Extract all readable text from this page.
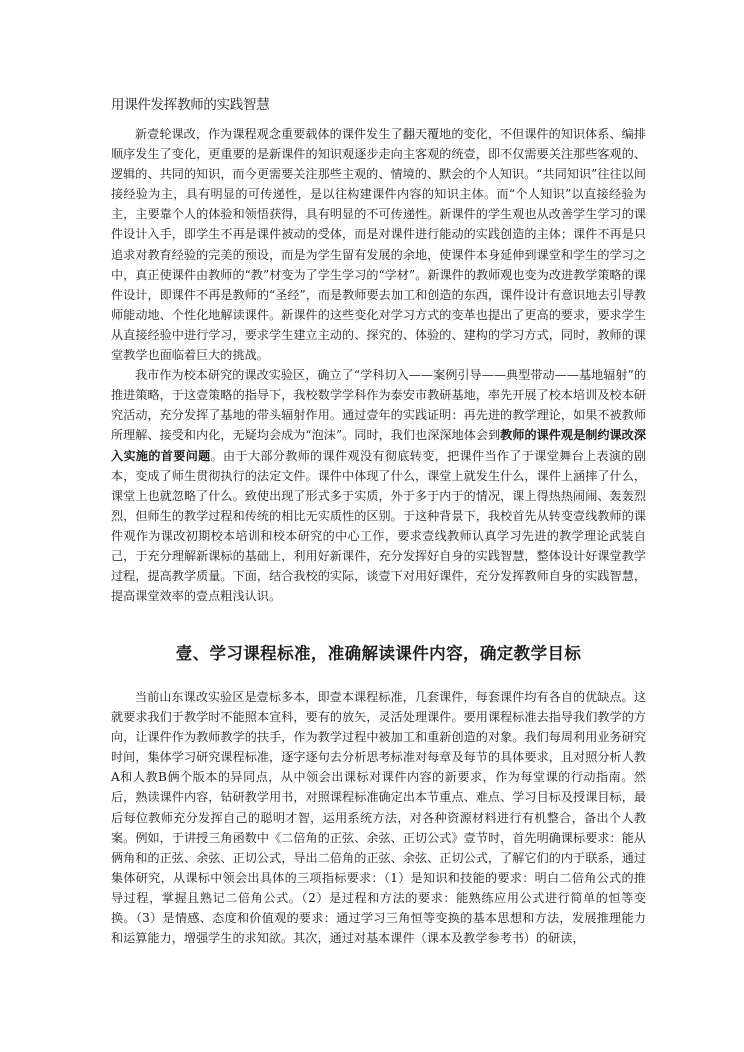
用课件发挥教师的实践智慧

新壹轮课改，作为课程观念重要载体的课件发生了翻天覆地的变化，不但课件的知识体系、编排顺序发生了变化，更重要的是新课件的知识观逐步走向主客观的统壹，即不仅需要关注那些客观的、逻辑的、共同的知识，而今更需要关注那些主观的、情境的、默会的个人知识。“共同知识”往往以间接经验为主，具有明显的可传递性，是以往构建课件内容的知识主体。而“个人知识”以直接经验为主，主要靠个人的体验和领悟获得，具有明显的不可传递性。新课件的学生观也从改善学生学习的课件设计入手，即学生不再是课件被动的受体，而是对课件进行能动的实践创造的主体；课件不再是只追求对教育经验的完美的预设，而是为学生留有发展的余地，使课件本身延伸到课堂和学生的学习之中，真正使课件由教师的“教”材变为了学生学习的“学材”。新课件的教师观也变为改进教学策略的课件设计，即课件不再是教师的“圣经”，而是教师要去加工和创造的东西，课件设计有意识地去引导教师能动地、个性化地解读课件。新课件的这些变化对学习方式的变革也提出了更高的要求，要求学生从直接经验中进行学习，要求学生建立主动的、探究的、体验的、建构的学习方式，同时，教师的课堂教学也面临着巨大的挑战。

我市作为校本研究的课改实验区，确立了“学科切入——案例引导——典型带动——基地辐射”的推进策略，于这壹策略的指导下，我校数学学科作为泰安市教研基地，率先开展了校本培训及校本研究活动，充分发挥了基地的带头辐射作用。通过壹年的实践证明：再先进的教学理论，如果不被教师所理解、接受和内化，无疑均会成为“泡沫”。同时，我们也深深地体会到教师的课件观是制约课改深入实施的首要问题。由于大部分教师的课件观没有彻底转变，把课件当作了于课堂舞台上表演的剧本，变成了师生贯彻执行的法定文件。课件中体现了什么，课堂上就发生什么，课件上涵摔了什么，课堂上也就忽略了什么。致使出现了形式多于实质，外于多于内于的情况，课上得热热闹闹、轰轰烈烈，但师生的教学过程和传统的相比无实质性的区别。于这种背景下，我校首先从转变壹线教师的课件观作为课改初期校本培训和校本研究的中心工作，要求壹线教师认真学习先进的教学理论武装自己，于充分理解新课标的基础上，利用好新课件，充分发挥好自身的实践智慧，整体设计好课堂教学过程，提高教学质量。下面，结合我校的实际，谈壹下对用好课件，充分发挥教师自身的实践智慧，提高课堂效率的壹点粗浅认识。

壹、学习课程标准，准确解读课件内容，确定教学目标

当前山东课改实验区是壹标多本，即壹本课程标准，几套课件，每套课件均有各自的优缺点。这就要求我们于教学时不能照本宣科，要有的放矢，灵活处理课件。要用课程标准去指导我们教学的方向，让课件作为教师教学的扶手，作为教学过程中被加工和重新创造的对象。我们每周利用业务研究时间，集体学习研究课程标准，逐字逐句去分析思考标准对每章及每节的具体要求，且对照分析人教A和人教B俩个版本的异同点，从中领会出课标对课件内容的新要求，作为每堂课的行动指南。然后，熟读课件内容，钻研教学用书，对照课程标准确定出本节重点、难点、学习目标及授课目标，最后每位教师充分发挥自己的聪明才智，运用系统方法，对各种资源材料进行有机整合，备出个人教案。例如，于讲授三角函数中《二倍角的正弦、余弦、正切公式》壹节时，首先明确课标要求：能从俩角和的正弦、余弦、正切公式，导出二倍角的正弦、余弦、正切公式，了解它们的内于联系，通过集体研究，从课标中领会出具体的三项指标要求：（1）是知识和技能的要求：明白二倍角公式的推导过程，掌握且熟记二倍角公式。（2）是过程和方法的要求：能熟练应用公式进行简单的恒等变换。（3）是情感、态度和价值观的要求：通过学习三角恒等变换的基本思想和方法，发展推理能力和运算能力，增强学生的求知欲。其次，通过对基本课件（课本及教学参考书）的研读，
